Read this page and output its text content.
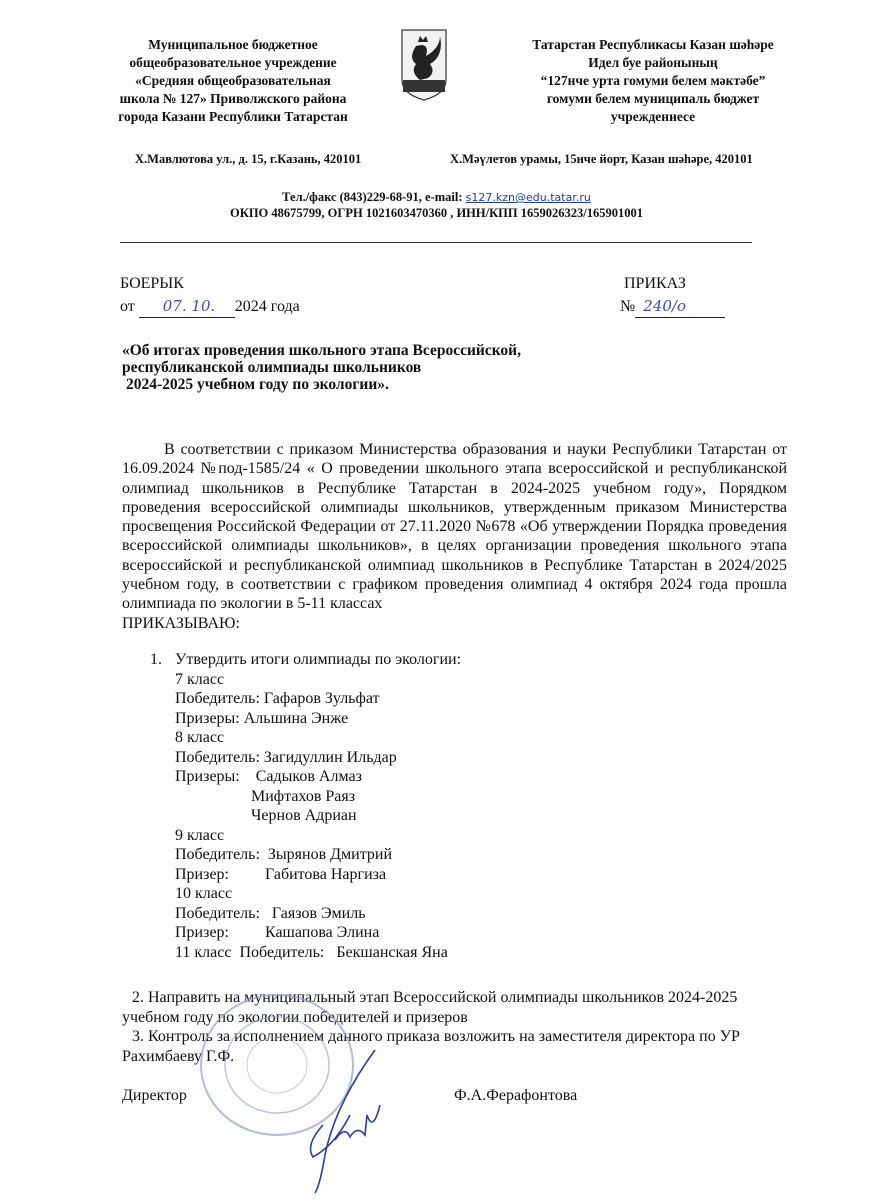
Муниципальное бюджетное
общеобразовательное учреждение
«Средняя общеобразовательная
школа № 127» Приволжского района
города Казани Республики Татарстан
Татарстан Республикасы Казан шәһәре
Идел буе районының
“127нче урта гомуми белем мәктәбе”
гомуми белем муниципаль бюджет
учреждениесе
Х.Мавлютова ул., д. 15, г.Казань, 420101	Х.Мәүлетов урамы, 15нче йорт, Казан шәһәре, 420101
Тел./факс (843)229-68-91, e-mail: s127.kzn@edu.tatar.ru
ОКПО 48675799, ОГРН 1021603470360 , ИНН/КПП 1659026323/165901001
БОЕРЫК
от 07. 10. 2024 года
ПРИКАЗ
№ 240/о
«Об итогах проведения школьного этапа Всероссийской,
республиканской олимпиады школьников
2024-2025 учебном году по экологии».
В соответствии с приказом Министерства образования и науки Республики Татарстан от 16.09.2024 №под-1585/24 « О проведении школьного этапа всероссийской и республиканской олимпиад школьников в Республике Татарстан в 2024-2025 учебном году», Порядком проведения всероссийской олимпиады школьников, утвержденным приказом Министерства просвещения Российской Федерации от 27.11.2020 №678 «Об утверждении Порядка проведения всероссийской олимпиады школьников», в целях организации проведения школьного этапа всероссийской и республиканской олимпиад школьников в Республике Татарстан в 2024/2025 учебном году, в соответствии с графиком проведения олимпиад 4 октября 2024 года прошла олимпиада по экологии в 5-11 классах
ПРИКАЗЫВАЮ:
1. Утвердить итоги олимпиады по экологии:
7 класс
Победитель: Гафаров Зульфат
Призеры: Альшина Энже
8 класс
Победитель: Загидуллин Ильдар
Призеры:    Садыков Алмаз
Мифтахов Раяз
Чернов Адриан
9 класс
Победитель:  Зырянов Дмитрий
Призер:         Габитова Наргиза
10 класс
Победитель:   Гаязов Эмиль
Призер:         Кашапова Элина
11 класс  Победитель:   Бекшанская Яна
2. Направить на муниципальный этап Всероссийской олимпиады школьников 2024-2025
учебном году по экологии победителей и призеров
3. Контроль за исполнением данного приказа возложить на заместителя директора по УР
Рахимбаеву Г.Ф.
Директор	Ф.А.Ферафонтова
